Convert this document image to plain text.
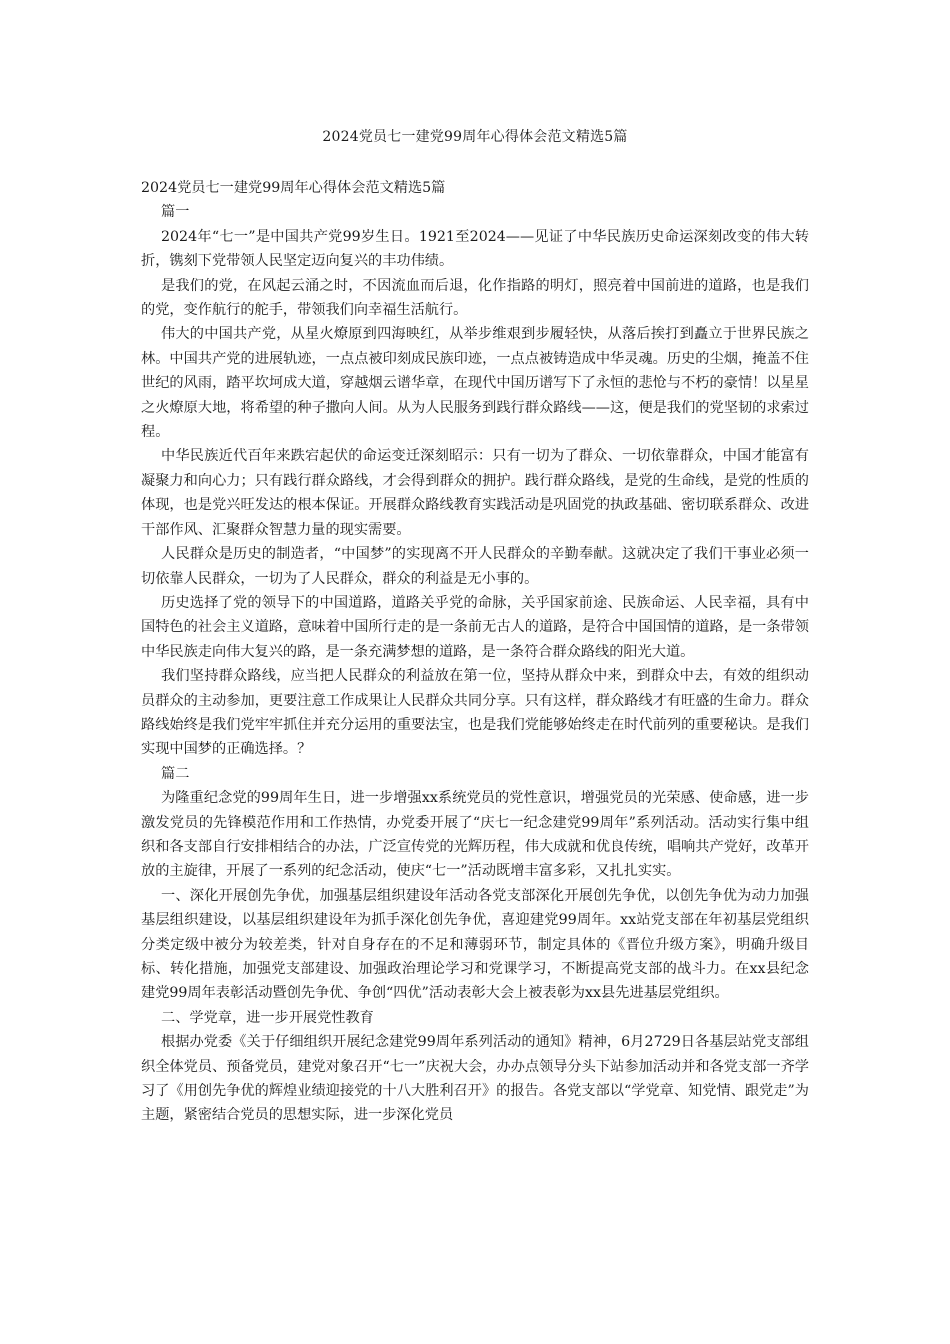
2024党员七一建党99周年心得体会范文精选5篇

2024党员七一建党99周年心得体会范文精选5篇

篇一

2024年“七一”是中国共产党99岁生日。1921至2024——见证了中华民族历史命运深刻改变的伟大转折，镌刻下党带领人民坚定迈向复兴的丰功伟绩。

是我们的党，在风起云涌之时，不因流血而后退，化作指路的明灯，照亮着中国前进的道路，也是我们的党，变作航行的舵手，带领我们向幸福生活航行。

伟大的中国共产党，从星火燎原到四海映红，从举步维艰到步履轻快，从落后挨打到矗立于世界民族之林。中国共产党的进展轨迹，一点点被印刻成民族印迹，一点点被铸造成中华灵魂。历史的尘烟，掩盖不住世纪的风雨，踏平坎坷成大道，穿越烟云谱华章，在现代中国历谱写下了永恒的悲怆与不朽的豪情！以星星之火燎原大地，将希望的种子撒向人间。从为人民服务到践行群众路线——这，便是我们的党坚韧的求索过程。

中华民族近代百年来跌宕起伏的命运变迁深刻昭示：只有一切为了群众、一切依靠群众，中国才能富有凝聚力和向心力；只有践行群众路线，才会得到群众的拥护。践行群众路线，是党的生命线，是党的性质的体现，也是党兴旺发达的根本保证。开展群众路线教育实践活动是巩固党的执政基础、密切联系群众、改进干部作风、汇聚群众智慧力量的现实需要。

人民群众是历史的制造者，“中国梦”的实现离不开人民群众的辛勤奉献。这就决定了我们干事业必须一切依靠人民群众，一切为了人民群众，群众的利益是无小事的。

历史选择了党的领导下的中国道路，道路关乎党的命脉，关乎国家前途、民族命运、人民幸福，具有中国特色的社会主义道路，意味着中国所行走的是一条前无古人的道路，是符合中国国情的道路，是一条带领中华民族走向伟大复兴的路，是一条充满梦想的道路，是一条符合群众路线的阳光大道。

我们坚持群众路线，应当把人民群众的利益放在第一位，坚持从群众中来，到群众中去，有效的组织动员群众的主动参加，更要注意工作成果让人民群众共同分享。只有这样，群众路线才有旺盛的生命力。群众路线始终是我们党牢牢抓住并充分运用的重要法宝，也是我们党能够始终走在时代前列的重要秘诀。是我们实现中国梦的正确选择。？

篇二

为隆重纪念党的99周年生日，进一步增强xx系统党员的党性意识，增强党员的光荣感、使命感，进一步激发党员的先锋模范作用和工作热情，办党委开展了“庆七一纪念建党99周年”系列活动。活动实行集中组织和各支部自行安排相结合的办法，广泛宣传党的光辉历程，伟大成就和优良传统，唱响共产党好，改革开放的主旋律，开展了一系列的纪念活动，使庆“七一”活动既增丰富多彩，又扎扎实实。

一、深化开展创先争优，加强基层组织建设年活动各党支部深化开展创先争优，以创先争优为动力加强基层组织建设，以基层组织建设年为抓手深化创先争优，喜迎建党99周年。xx站党支部在年初基层党组织分类定级中被分为较差类，针对自身存在的不足和薄弱环节，制定具体的《晋位升级方案》，明确升级目标、转化措施，加强党支部建设、加强政治理论学习和党课学习，不断提高党支部的战斗力。在xx县纪念建党99周年表彰活动暨创先争优、争创“四优”活动表彰大会上被表彰为xx县先进基层党组织。

二、学党章，进一步开展党性教育

根据办党委《关于仔细组织开展纪念建党99周年系列活动的通知》精神，6月2729日各基层站党支部组织全体党员、预备党员，建党对象召开“七一”庆祝大会，办办点领导分头下站参加活动并和各党支部一齐学习了《用创先争优的辉煌业绩迎接党的十八大胜利召开》的报告。各党支部以“学党章、知党情、跟党走”为主题，紧密结合党员的思想实际，进一步深化党员
